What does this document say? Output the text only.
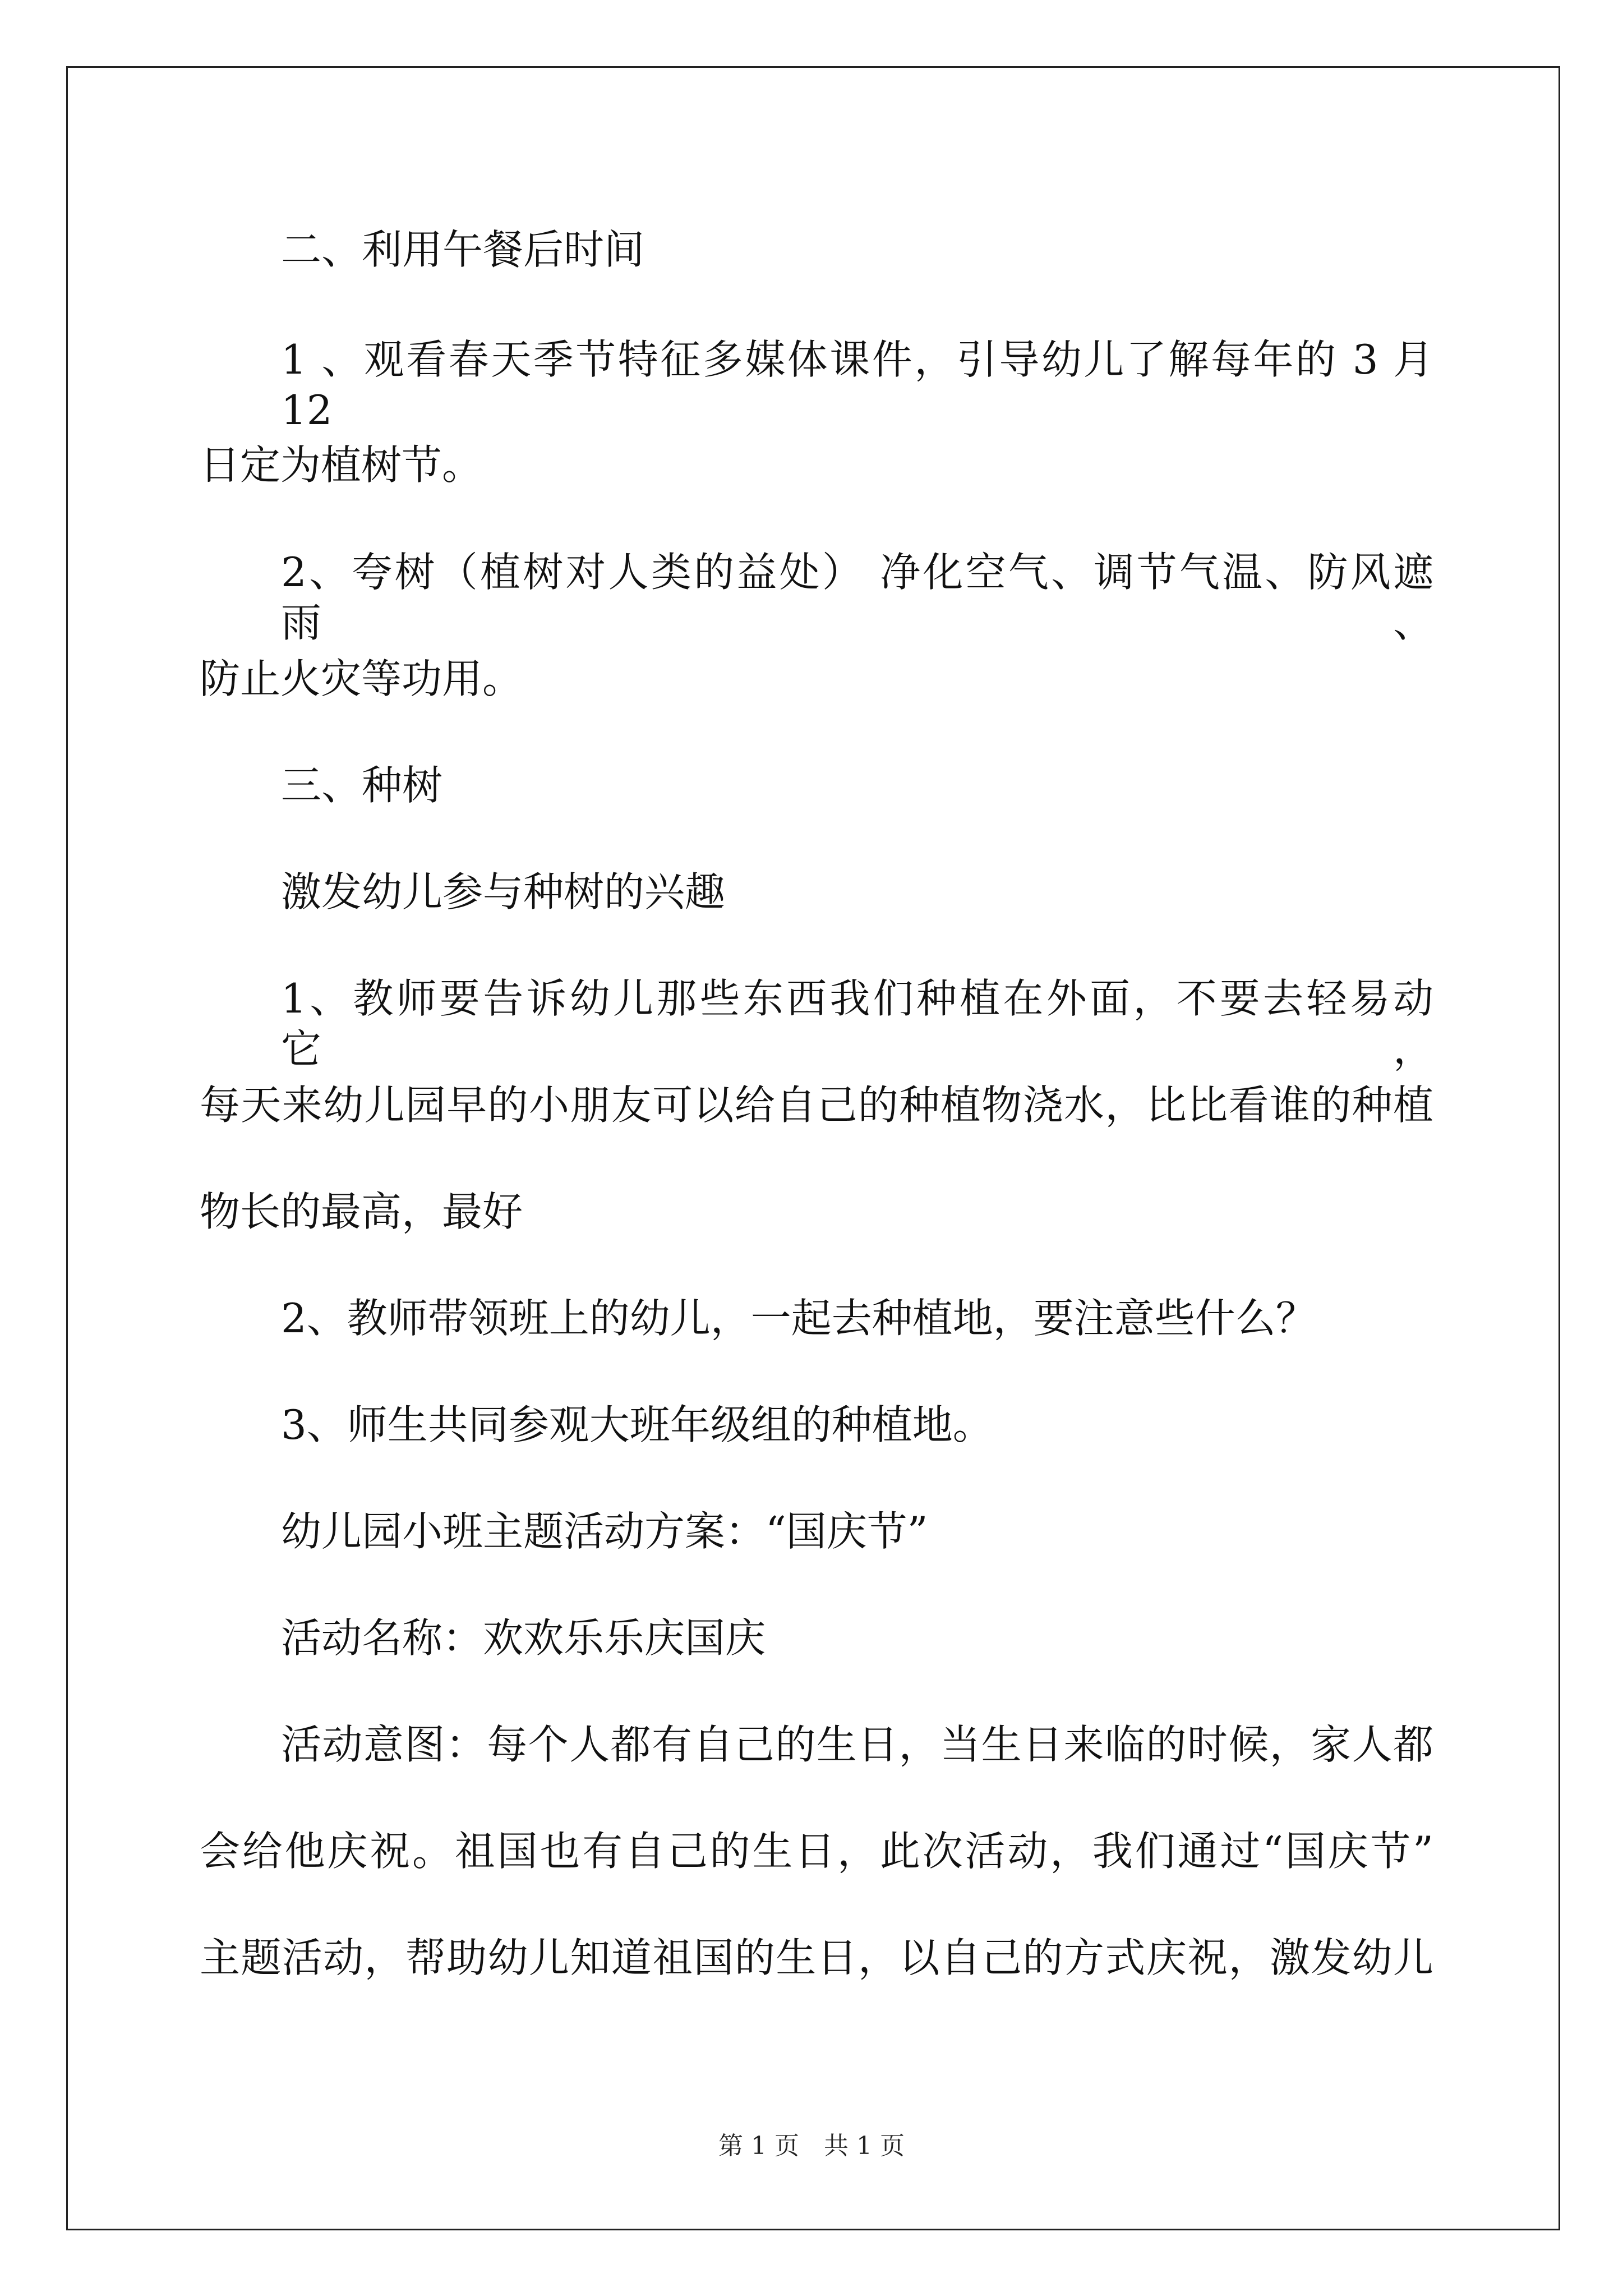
二、利用午餐后时间
1 、观看春天季节特征多媒体课件，引导幼儿了解每年的 3 月 12
日定为植树节。
2、夸树（植树对人类的益处） 净化空气、调节气温、防风遮雨、
防止火灾等功用。
三、种树
激发幼儿参与种树的兴趣
1、教师要告诉幼儿那些东西我们种植在外面，不要去轻易动它，
每天来幼儿园早的小朋友可以给自己的种植物浇水，比比看谁的种植
物长的最高，最好
2、教师带领班上的幼儿，一起去种植地，要注意些什么？
3、师生共同参观大班年级组的种植地。
幼儿园小班主题活动方案：“国庆节”
活动名称：欢欢乐乐庆国庆
活动意图：每个人都有自己的生日，当生日来临的时候，家人都
会给他庆祝。祖国也有自己的生日，此次活动，我们通过“国庆节”
主题活动，帮助幼儿知道祖国的生日，以自己的方式庆祝，激发幼儿
第 1 页　共 1 页
